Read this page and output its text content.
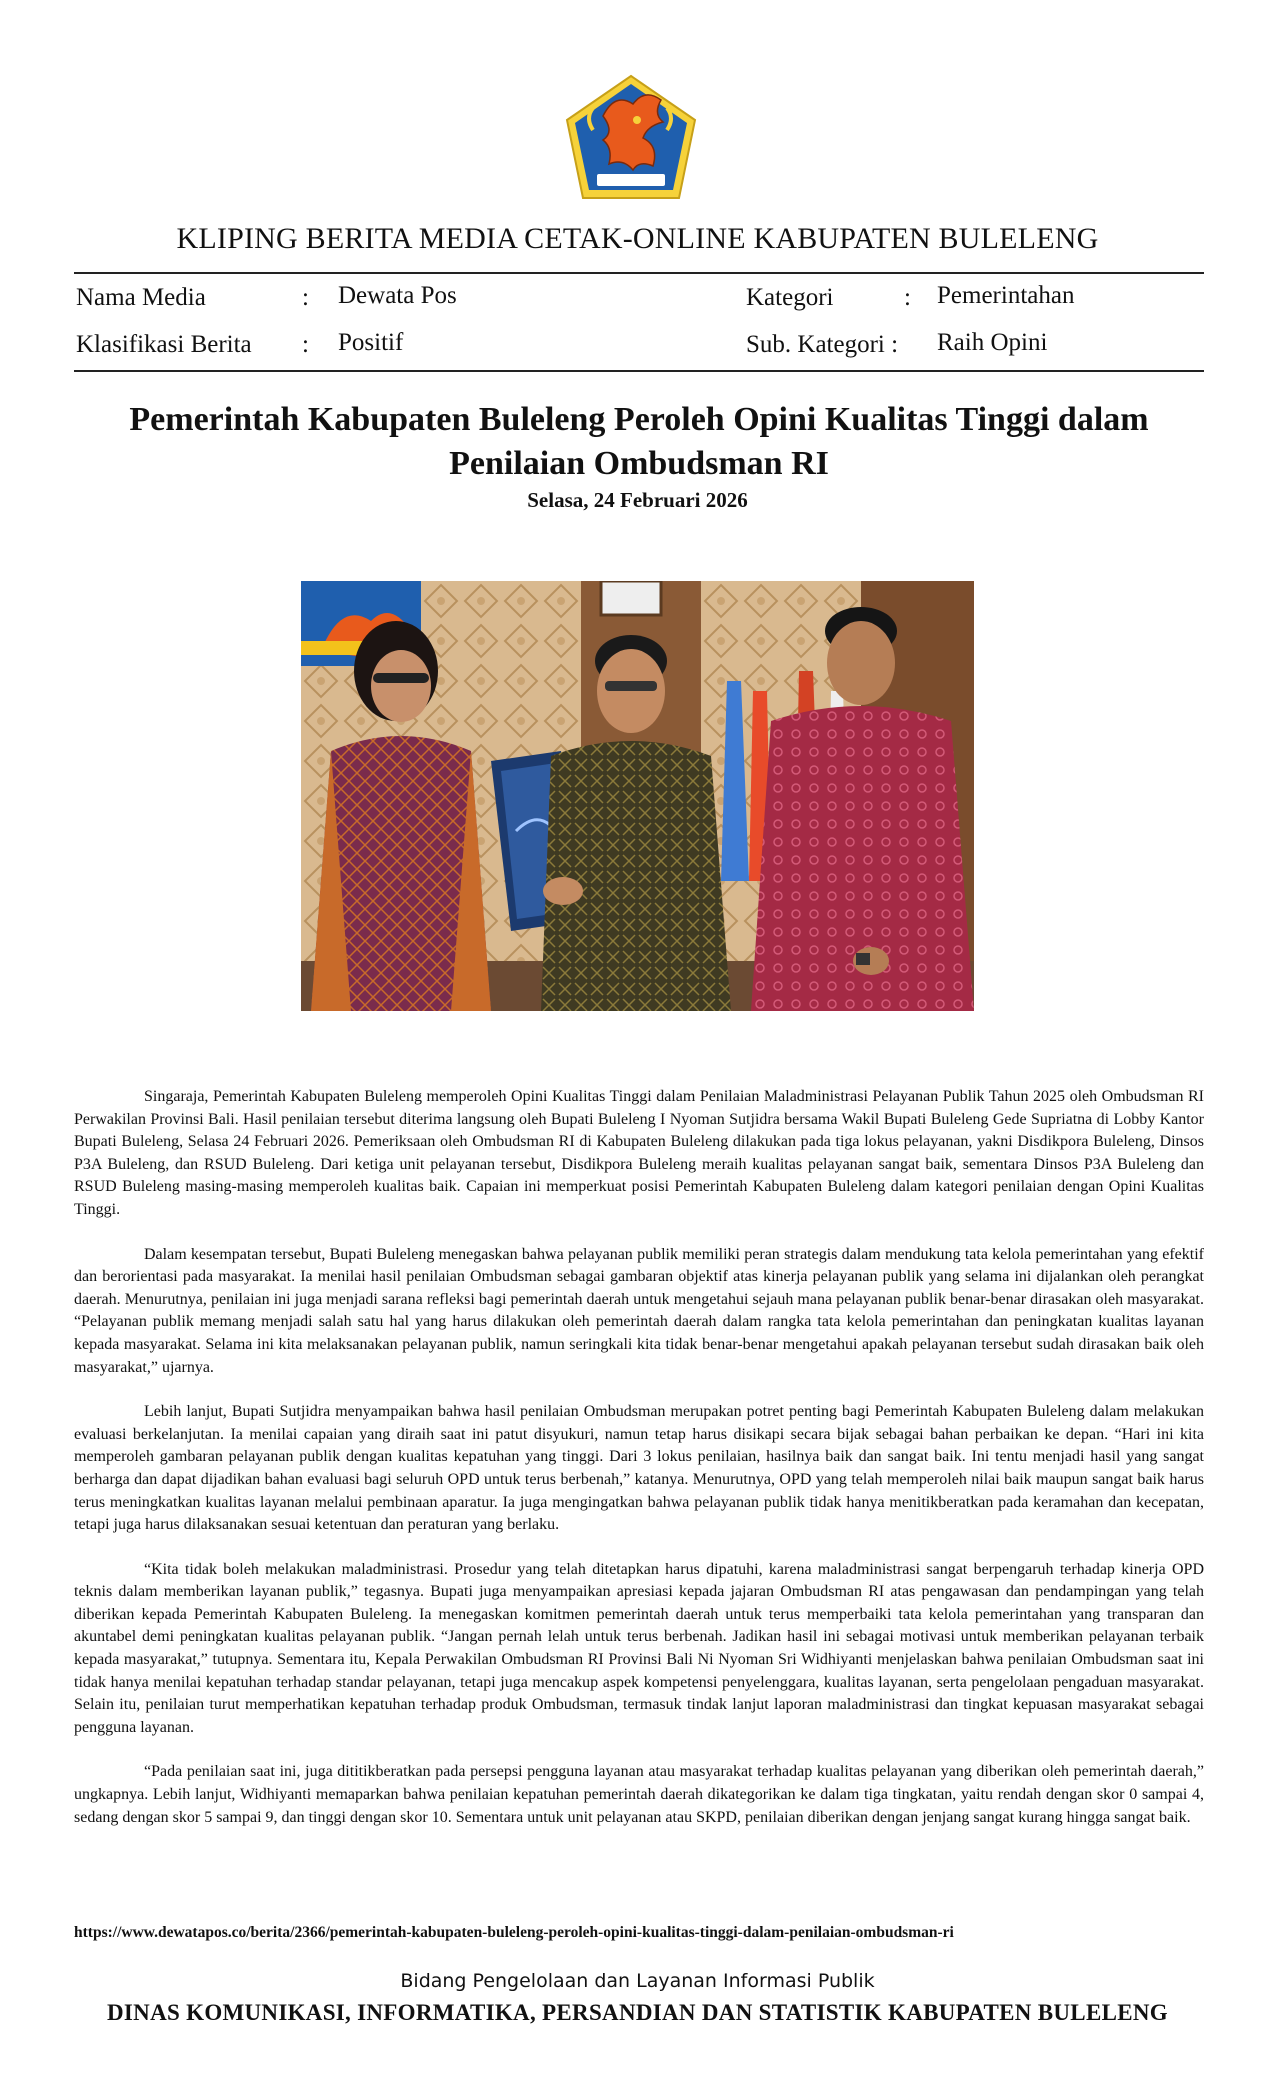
KLIPING BERITA MEDIA CETAK-ONLINE KABUPATEN BULELENG
Nama Media	: Dewata Pos
Klasifikasi Berita : Positif
Kategori	: Pemerintahan
Sub. Kategori : Raih Opini
Pemerintah Kabupaten Buleleng Peroleh Opini Kualitas Tinggi dalam Penilaian Ombudsman RI
Selasa, 24 Februari 2026

Singaraja, Pemerintah Kabupaten Buleleng memperoleh Opini Kualitas Tinggi dalam Penilaian Maladministrasi Pelayanan Publik Tahun 2025 oleh Ombudsman RI Perwakilan Provinsi Bali. Hasil penilaian tersebut diterima langsung oleh Bupati Buleleng I Nyoman Sutjidra bersama Wakil Bupati Buleleng Gede Supriatna di Lobby Kantor Bupati Buleleng, Selasa 24 Februari 2026. Pemeriksaan oleh Ombudsman RI di Kabupaten Buleleng dilakukan pada tiga lokus pelayanan, yakni Disdikpora Buleleng, Dinsos P3A Buleleng, dan RSUD Buleleng. Dari ketiga unit pelayanan tersebut, Disdikpora Buleleng meraih kualitas pelayanan sangat baik, sementara Dinsos P3A Buleleng dan RSUD Buleleng masing-masing memperoleh kualitas baik. Capaian ini memperkuat posisi Pemerintah Kabupaten Buleleng dalam kategori penilaian dengan Opini Kualitas Tinggi.

Dalam kesempatan tersebut, Bupati Buleleng menegaskan bahwa pelayanan publik memiliki peran strategis dalam mendukung tata kelola pemerintahan yang efektif dan berorientasi pada masyarakat. Ia menilai hasil penilaian Ombudsman sebagai gambaran objektif atas kinerja pelayanan publik yang selama ini dijalankan oleh perangkat daerah. Menurutnya, penilaian ini juga menjadi sarana refleksi bagi pemerintah daerah untuk mengetahui sejauh mana pelayanan publik benar-benar dirasakan oleh masyarakat. “Pelayanan publik memang menjadi salah satu hal yang harus dilakukan oleh pemerintah daerah dalam rangka tata kelola pemerintahan dan peningkatan kualitas layanan kepada masyarakat. Selama ini kita melaksanakan pelayanan publik, namun seringkali kita tidak benar-benar mengetahui apakah pelayanan tersebut sudah dirasakan baik oleh masyarakat,” ujarnya.

Lebih lanjut, Bupati Sutjidra menyampaikan bahwa hasil penilaian Ombudsman merupakan potret penting bagi Pemerintah Kabupaten Buleleng dalam melakukan evaluasi berkelanjutan. Ia menilai capaian yang diraih saat ini patut disyukuri, namun tetap harus disikapi secara bijak sebagai bahan perbaikan ke depan. “Hari ini kita memperoleh gambaran pelayanan publik dengan kualitas kepatuhan yang tinggi. Dari 3 lokus penilaian, hasilnya baik dan sangat baik. Ini tentu menjadi hasil yang sangat berharga dan dapat dijadikan bahan evaluasi bagi seluruh OPD untuk terus berbenah,” katanya. Menurutnya, OPD yang telah memperoleh nilai baik maupun sangat baik harus terus meningkatkan kualitas layanan melalui pembinaan aparatur. Ia juga mengingatkan bahwa pelayanan publik tidak hanya menitikberatkan pada keramahan dan kecepatan, tetapi juga harus dilaksanakan sesuai ketentuan dan peraturan yang berlaku.

“Kita tidak boleh melakukan maladministrasi. Prosedur yang telah ditetapkan harus dipatuhi, karena maladministrasi sangat berpengaruh terhadap kinerja OPD teknis dalam memberikan layanan publik,” tegasnya. Bupati juga menyampaikan apresiasi kepada jajaran Ombudsman RI atas pengawasan dan pendampingan yang telah diberikan kepada Pemerintah Kabupaten Buleleng. Ia menegaskan komitmen pemerintah daerah untuk terus memperbaiki tata kelola pemerintahan yang transparan dan akuntabel demi peningkatan kualitas pelayanan publik. “Jangan pernah lelah untuk terus berbenah. Jadikan hasil ini sebagai motivasi untuk memberikan pelayanan terbaik kepada masyarakat,” tutupnya. Sementara itu, Kepala Perwakilan Ombudsman RI Provinsi Bali Ni Nyoman Sri Widhiyanti menjelaskan bahwa penilaian Ombudsman saat ini tidak hanya menilai kepatuhan terhadap standar pelayanan, tetapi juga mencakup aspek kompetensi penyelenggara, kualitas layanan, serta pengelolaan pengaduan masyarakat. Selain itu, penilaian turut memperhatikan kepatuhan terhadap produk Ombudsman, termasuk tindak lanjut laporan maladministrasi dan tingkat kepuasan masyarakat sebagai pengguna layanan.

“Pada penilaian saat ini, juga dititikberatkan pada persepsi pengguna layanan atau masyarakat terhadap kualitas pelayanan yang diberikan oleh pemerintah daerah,” ungkapnya. Lebih lanjut, Widhiyanti memaparkan bahwa penilaian kepatuhan pemerintah daerah dikategorikan ke dalam tiga tingkatan, yaitu rendah dengan skor 0 sampai 4, sedang dengan skor 5 sampai 9, dan tinggi dengan skor 10. Sementara untuk unit pelayanan atau SKPD, penilaian diberikan dengan jenjang sangat kurang hingga sangat baik.

https://www.dewatapos.co/berita/2366/pemerintah-kabupaten-buleleng-peroleh-opini-kualitas-tinggi-dalam-penilaian-ombudsman-ri
Bidang Pengelolaan dan Layanan Informasi Publik
DINAS KOMUNIKASI, INFORMATIKA, PERSANDIAN DAN STATISTIK KABUPATEN BULELENG
